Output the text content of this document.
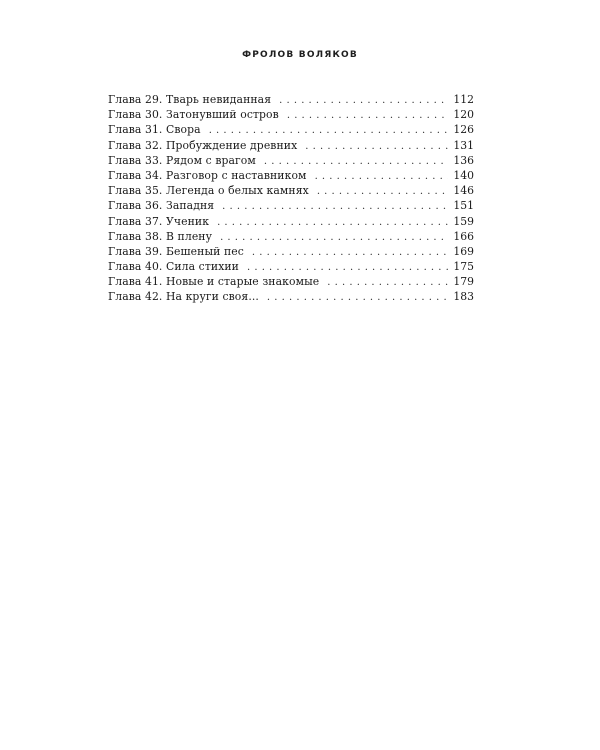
ФРОЛОВ ВОЛЯКОВ
Глава 29. Тварь невиданная . . .	112
Глава 30. Затонувший остров . . .	120
Глава 31. Свора . . .	126
Глава 32. Пробуждение древних . . .	131
Глава 33. Рядом с врагом . . .	136
Глава 34. Разговор с наставником . . .	140
Глава 35. Легенда о белых камнях . . .	146
Глава 36. Западня . . .	151
Глава 37. Ученик . . .	159
Глава 38. В плену . . .	166
Глава 39. Бешеный пес . . .	169
Глава 40. Сила стихии . . .	175
Глава 41. Новые и старые знакомые . . .	179
Глава 42. На круги своя... . . .	183
